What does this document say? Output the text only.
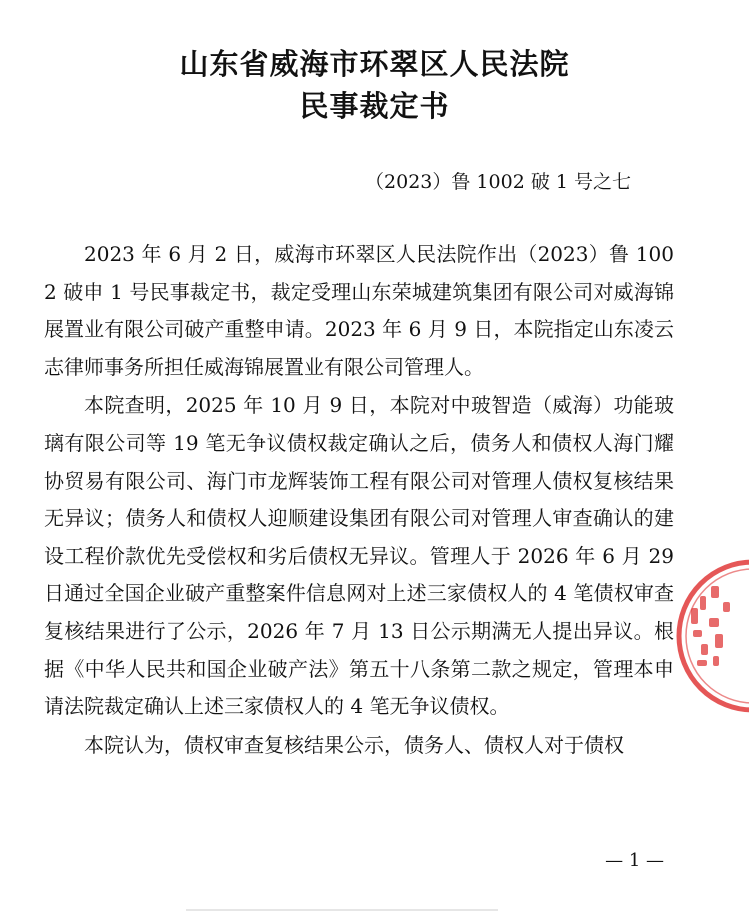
山东省威海市环翠区人民法院
民事裁定书
（2023）鲁 1002 破 1 号之七

2023 年 6 月 2 日，威海市环翠区人民法院作出（2023）鲁 1002 破申 1 号民事裁定书，裁定受理山东荣城建筑集团有限公司对威海锦展置业有限公司破产重整申请。2023 年 6 月 9 日，本院指定山东凌云志律师事务所担任威海锦展置业有限公司管理人。

本院查明，2025 年 10 月 9 日，本院对中玻智造（威海）功能玻璃有限公司等 19 笔无争议债权裁定确认之后，债务人和债权人海门耀协贸易有限公司、海门市龙辉装饰工程有限公司对管理人债权复核结果无异议；债务人和债权人迎顺建设集团有限公司对管理人审查确认的建设工程价款优先受偿权和劣后债权无异议。管理人于 2026 年 6 月 29 日通过全国企业破产重整案件信息网对上述三家债权人的 4 笔债权审查复核结果进行了公示，2026 年 7 月 13 日公示期满无人提出异议。根据《中华人民共和国企业破产法》第五十八条第二款之规定，管理本申请法院裁定确认上述三家债权人的 4 笔无争议债权。

本院认为，债权审查复核结果公示，债务人、债权人对于债权

— 1 —
